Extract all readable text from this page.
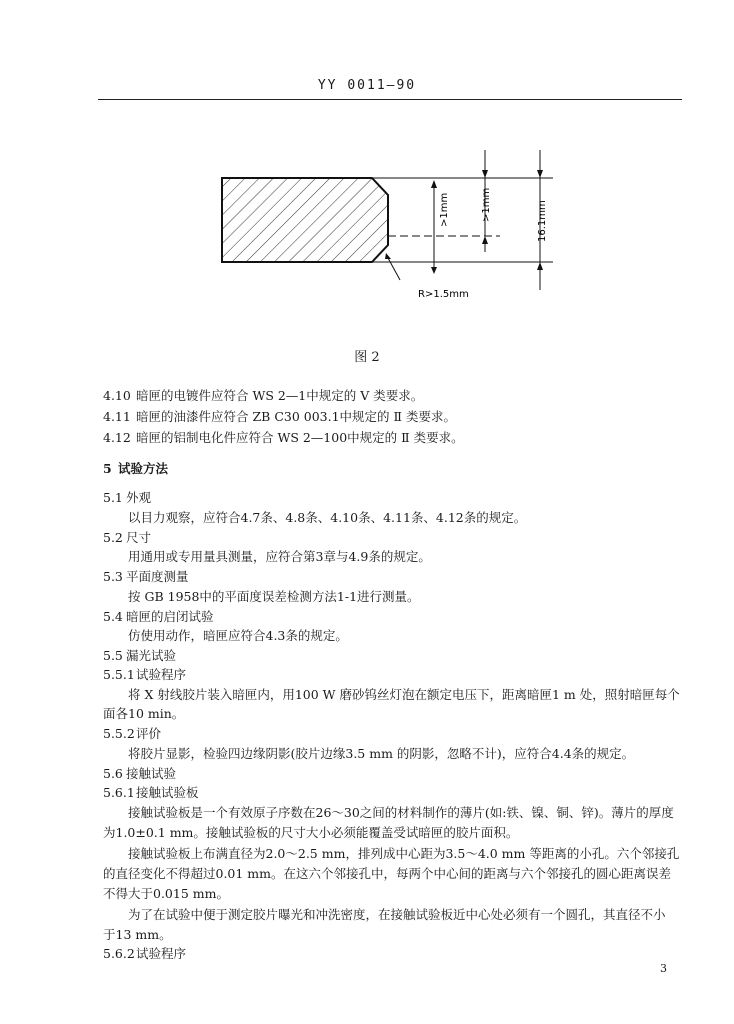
YY 0011—90
>1mm	>1mm	16.1mm
R>1.5mm
图 2
4.10 暗匣的电镀件应符合 WS 2—1中规定的 V 类要求。
4.11 暗匣的油漆件应符合 ZB C30 003.1中规定的 Ⅱ 类要求。
4.12 暗匣的铝制电化件应符合 WS 2—100中规定的 Ⅱ 类要求。
5 试验方法
5.1 外观
以目力观察，应符合4.7条、4.8条、4.10条、4.11条、4.12条的规定。
5.2 尺寸
用通用或专用量具测量，应符合第3章与4.9条的规定。
5.3 平面度测量
按 GB 1958中的平面度误差检测方法1-1进行测量。
5.4 暗匣的启闭试验
仿使用动作，暗匣应符合4.3条的规定。
5.5 漏光试验
5.5.1试验程序
将 X 射线胶片装入暗匣内，用100 W 磨砂钨丝灯泡在额定电压下，距离暗匣1 m 处，照射暗匣每个
面各10 min。
5.5.2评价
将胶片显影，检验四边缘阴影(胶片边缘3.5 mm 的阴影，忽略不计)，应符合4.4条的规定。
5.6 接触试验
5.6.1接触试验板
接触试验板是一个有效原子序数在26～30之间的材料制作的薄片(如:铁、镍、铜、锌)。薄片的厚度
为1.0±0.1 mm。接触试验板的尺寸大小必须能覆盖受试暗匣的胶片面积。
接触试验板上布满直径为2.0～2.5 mm，排列成中心距为3.5～4.0 mm 等距离的小孔。六个邻接孔
的直径变化不得超过0.01 mm。在这六个邻接孔中，每两个中心间的距离与六个邻接孔的圆心距离误差
不得大于0.015 mm。
为了在试验中便于测定胶片曝光和冲洗密度，在接触试验板近中心处必须有一个圆孔，其直径不小
于13 mm。
5.6.2试验程序
3
